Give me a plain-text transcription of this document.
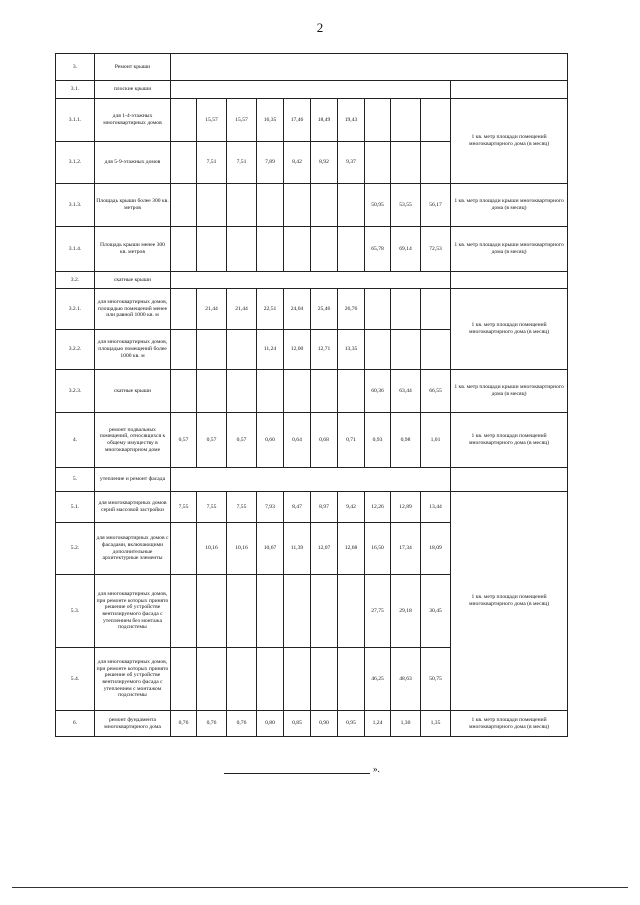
2
3.	Ремонт крыши											
3.1.	плоские крыши											
3.1.1.	для 1-4-этажных многоквартирных домов		15,57	15,57	16,35	17,46	18,49	19,43				1 кв. метр площади помещений многоквартирного дома (в месяц)
3.1.2.	для 5-9-этажных домов		7,51	7,51	7,89	8,42	8,92	9,37				
3.1.3.	Площадь крыши более 300 кв. метров								50,95	53,55	56,17	1 кв. метр площади крыши многоквартирного дома (в месяц)
3.1.4.	Площадь крыши менее 300 кв. метров								65,78	69,14	72,53	1 кв. метр площади крыши многоквартирного дома (в месяц)
3.2.	скатные крыши											
3.2.1.	для многоквартирных домов, площадью помещений менее или равной 1000 кв. м		21,44	21,44	22,51	24,04	25,46	26,76				1 кв. метр площади помещений многоквартирного дома (в месяц)
3.2.2.	для многоквартирных домов, площадью помещений более 1000 кв. м				11,24	12,00	12,71	13,35				
3.2.3.	скатные крыши								60,36	63,44	66,55	1 кв. метр площади крыши многоквартирного дома (в месяц)
4.	ремонт подвальных помещений, относящихся к общему имуществу в многоквартирном доме	0,57	0,57	0,57	0,60	0,64	0,68	0,71	0,93	0,98	1,01	1 кв. метр площади помещений многоквартирного дома (в месяц)
5.	утепление и ремонт фасада											
5.1.	для многоквартирных домов серий массовой застройки	7,55	7,55	7,55	7,93	8,47	8,97	9,42	12,26	12,89	13,44	1 кв. метр площади помещений многоквартирного дома (в месяц)
5.2.	для многоквартирных домов с фасадами, включающими дополнительные архитектурные элементы		10,16	10,16	10,67	11,39	12,07	12,68	16,50	17,34	18,09	
5.3.	для многоквартирных домов, при ремонте которых принято решение об устройстве вентилируемого фасада с утеплением без монтажа подсистемы								27,75	29,18	30,45	
5.4.	для многоквартирных домов, при ремонте которых принято решение об устройстве вентилируемого фасада с утеплением с монтажом подсистемы								46,25	48,63	50,75	
6.	ремонт фундамента многоквартирного дома	0,76	0,76	0,76	0,80	0,85	0,90	0,95	1,24	1,30	1,35	1 кв. метр площади помещений многоквартирного дома (в месяц)
».
